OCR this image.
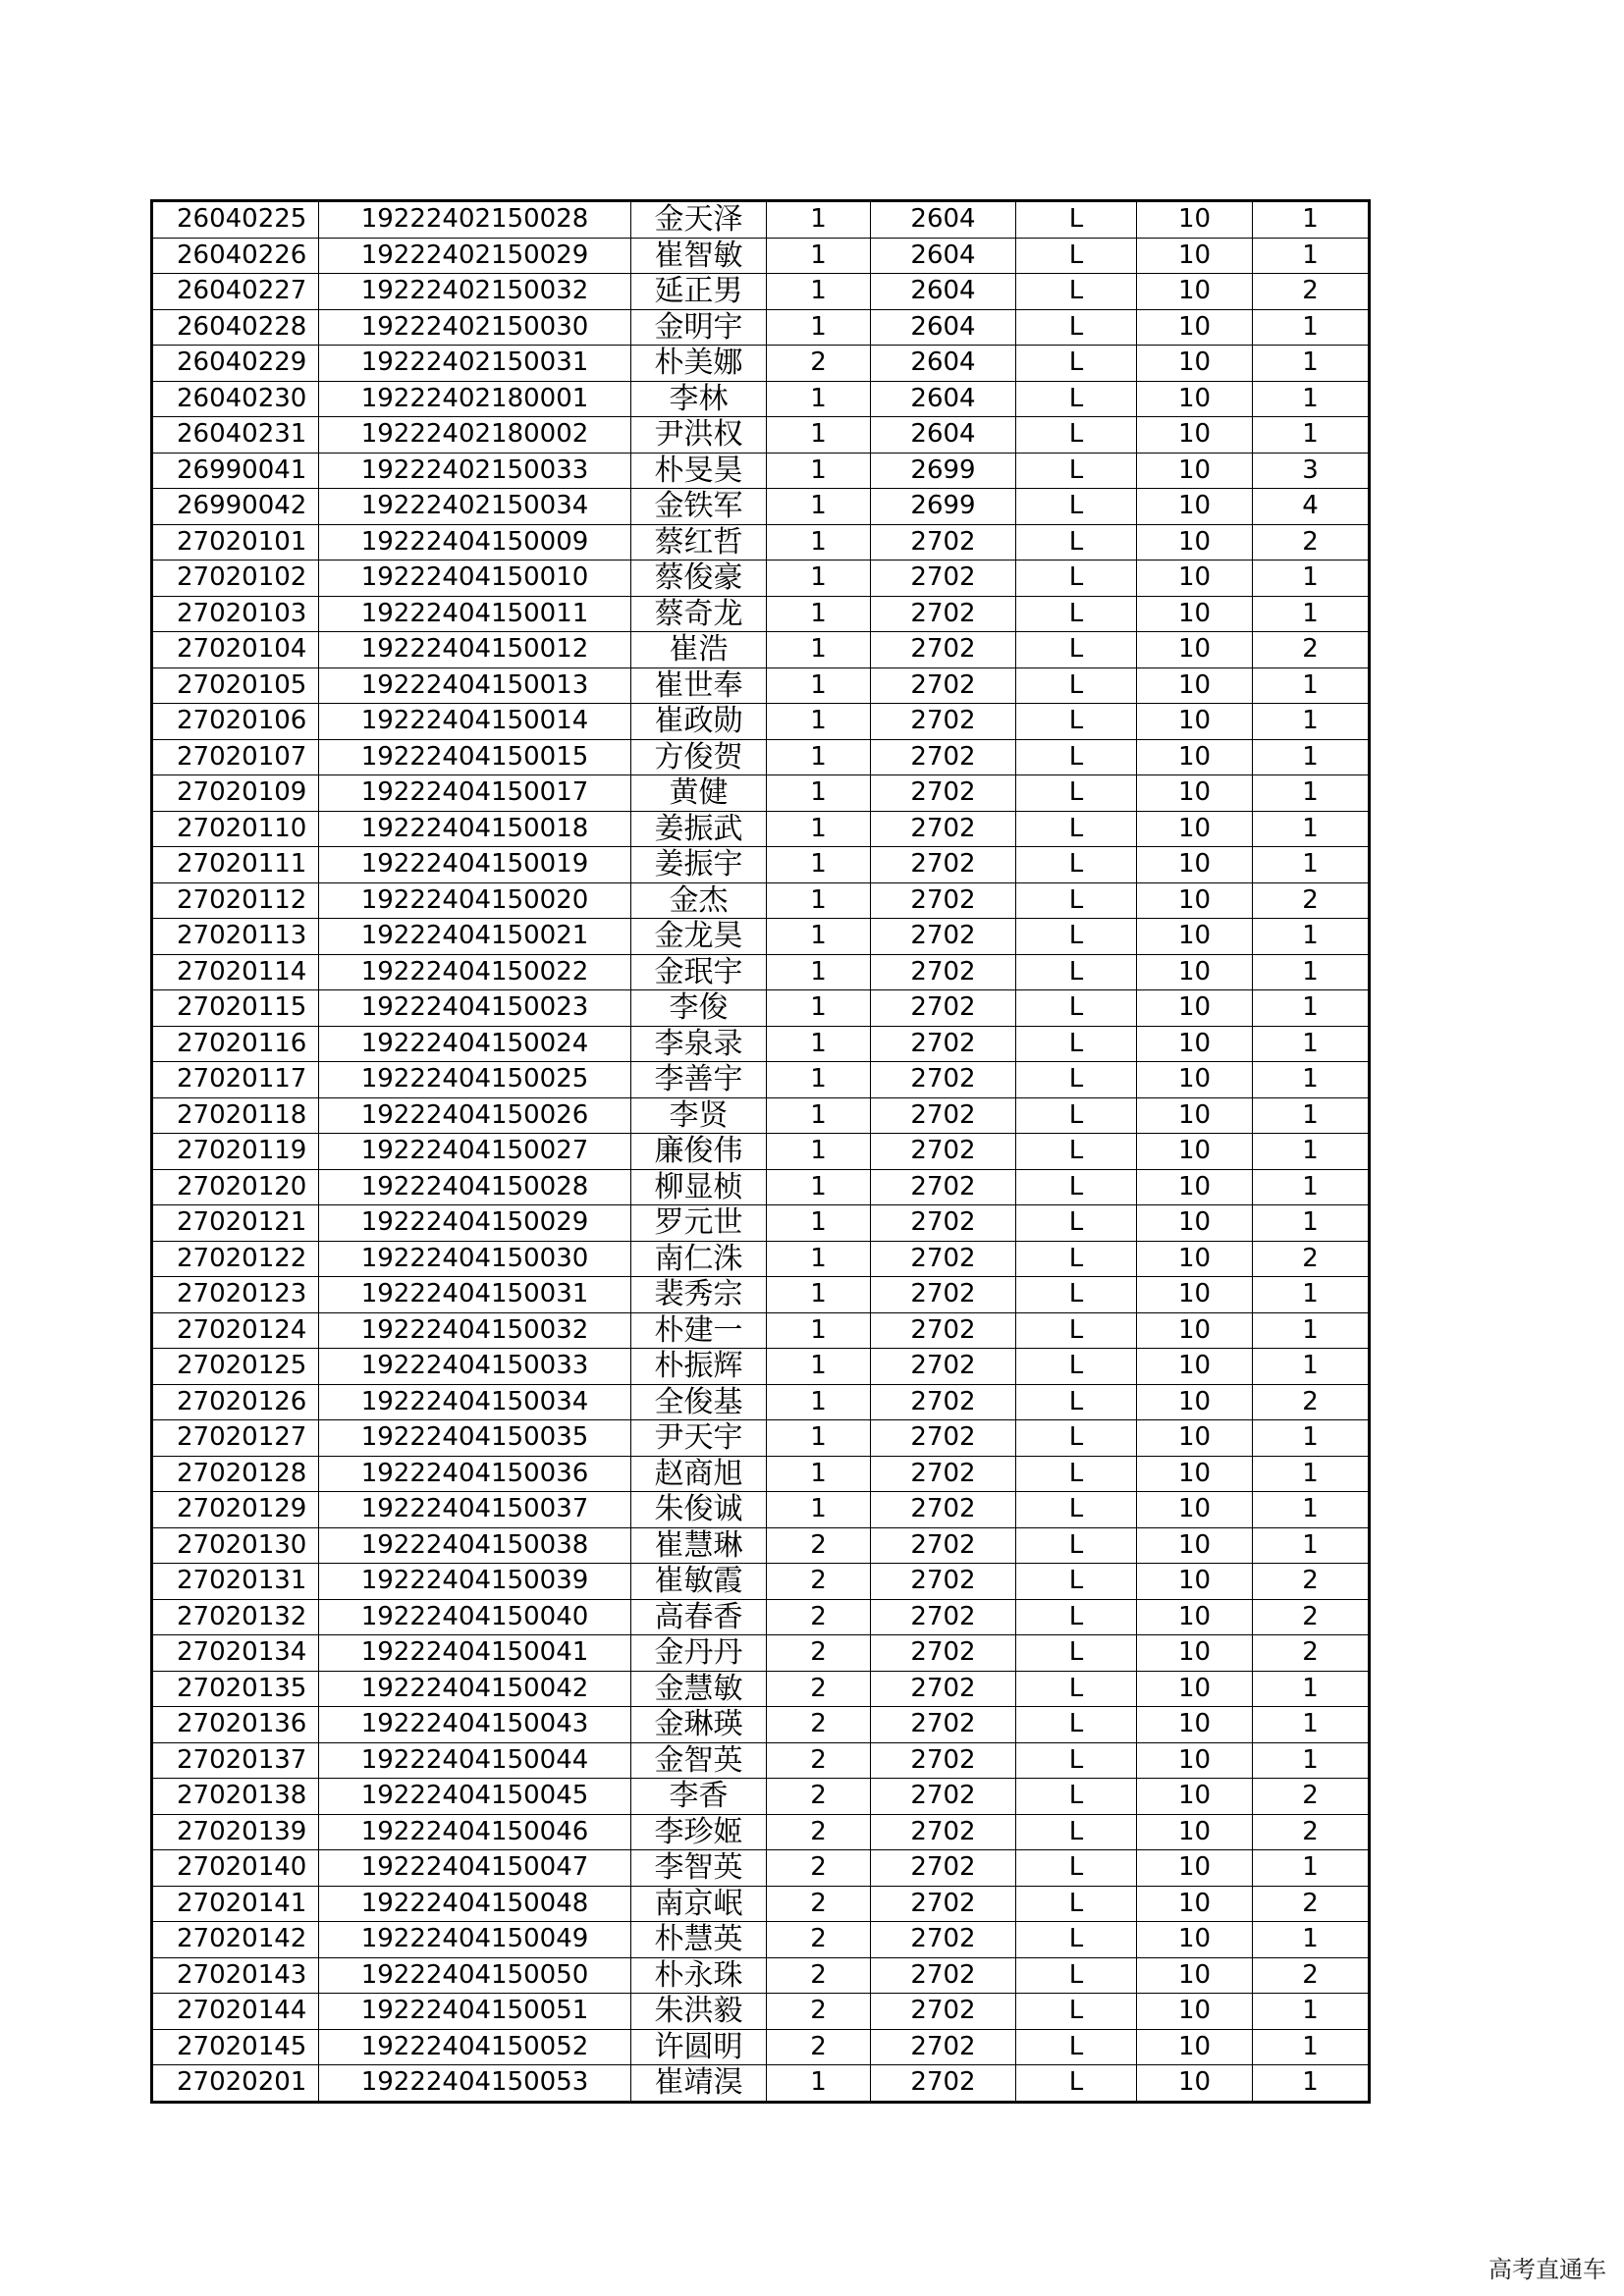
26040225	19222402150028	金天泽	1	2604	L	10	1
26040226	19222402150029	崔智敏	1	2604	L	10	1
26040227	19222402150032	延正男	1	2604	L	10	2
26040228	19222402150030	金明宇	1	2604	L	10	1
26040229	19222402150031	朴美娜	2	2604	L	10	1
26040230	19222402180001	李林	1	2604	L	10	1
26040231	19222402180002	尹洪权	1	2604	L	10	1
26990041	19222402150033	朴旻昊	1	2699	L	10	3
26990042	19222402150034	金铁军	1	2699	L	10	4
27020101	19222404150009	蔡红哲	1	2702	L	10	2
27020102	19222404150010	蔡俊豪	1	2702	L	10	1
27020103	19222404150011	蔡奇龙	1	2702	L	10	1
27020104	19222404150012	崔浩	1	2702	L	10	2
27020105	19222404150013	崔世奉	1	2702	L	10	1
27020106	19222404150014	崔政勋	1	2702	L	10	1
27020107	19222404150015	方俊贺	1	2702	L	10	1
27020109	19222404150017	黄健	1	2702	L	10	1
27020110	19222404150018	姜振武	1	2702	L	10	1
27020111	19222404150019	姜振宇	1	2702	L	10	1
27020112	19222404150020	金杰	1	2702	L	10	2
27020113	19222404150021	金龙昊	1	2702	L	10	1
27020114	19222404150022	金珉宇	1	2702	L	10	1
27020115	19222404150023	李俊	1	2702	L	10	1
27020116	19222404150024	李泉录	1	2702	L	10	1
27020117	19222404150025	李善宇	1	2702	L	10	1
27020118	19222404150026	李贤	1	2702	L	10	1
27020119	19222404150027	廉俊伟	1	2702	L	10	1
27020120	19222404150028	柳显桢	1	2702	L	10	1
27020121	19222404150029	罗元世	1	2702	L	10	1
27020122	19222404150030	南仁洙	1	2702	L	10	2
27020123	19222404150031	裴秀宗	1	2702	L	10	1
27020124	19222404150032	朴建一	1	2702	L	10	1
27020125	19222404150033	朴振辉	1	2702	L	10	1
27020126	19222404150034	全俊基	1	2702	L	10	2
27020127	19222404150035	尹天宇	1	2702	L	10	1
27020128	19222404150036	赵商旭	1	2702	L	10	1
27020129	19222404150037	朱俊诚	1	2702	L	10	1
27020130	19222404150038	崔慧琳	2	2702	L	10	1
27020131	19222404150039	崔敏霞	2	2702	L	10	2
27020132	19222404150040	高春香	2	2702	L	10	2
27020134	19222404150041	金丹丹	2	2702	L	10	2
27020135	19222404150042	金慧敏	2	2702	L	10	1
27020136	19222404150043	金琳瑛	2	2702	L	10	1
27020137	19222404150044	金智英	2	2702	L	10	1
27020138	19222404150045	李香	2	2702	L	10	2
27020139	19222404150046	李珍姬	2	2702	L	10	2
27020140	19222404150047	李智英	2	2702	L	10	1
27020141	19222404150048	南京岷	2	2702	L	10	2
27020142	19222404150049	朴慧英	2	2702	L	10	1
27020143	19222404150050	朴永珠	2	2702	L	10	2
27020144	19222404150051	朱洪毅	2	2702	L	10	1
27020145	19222404150052	许圆明	2	2702	L	10	1
27020201	19222404150053	崔靖淏	1	2702	L	10	1
高考直通车
